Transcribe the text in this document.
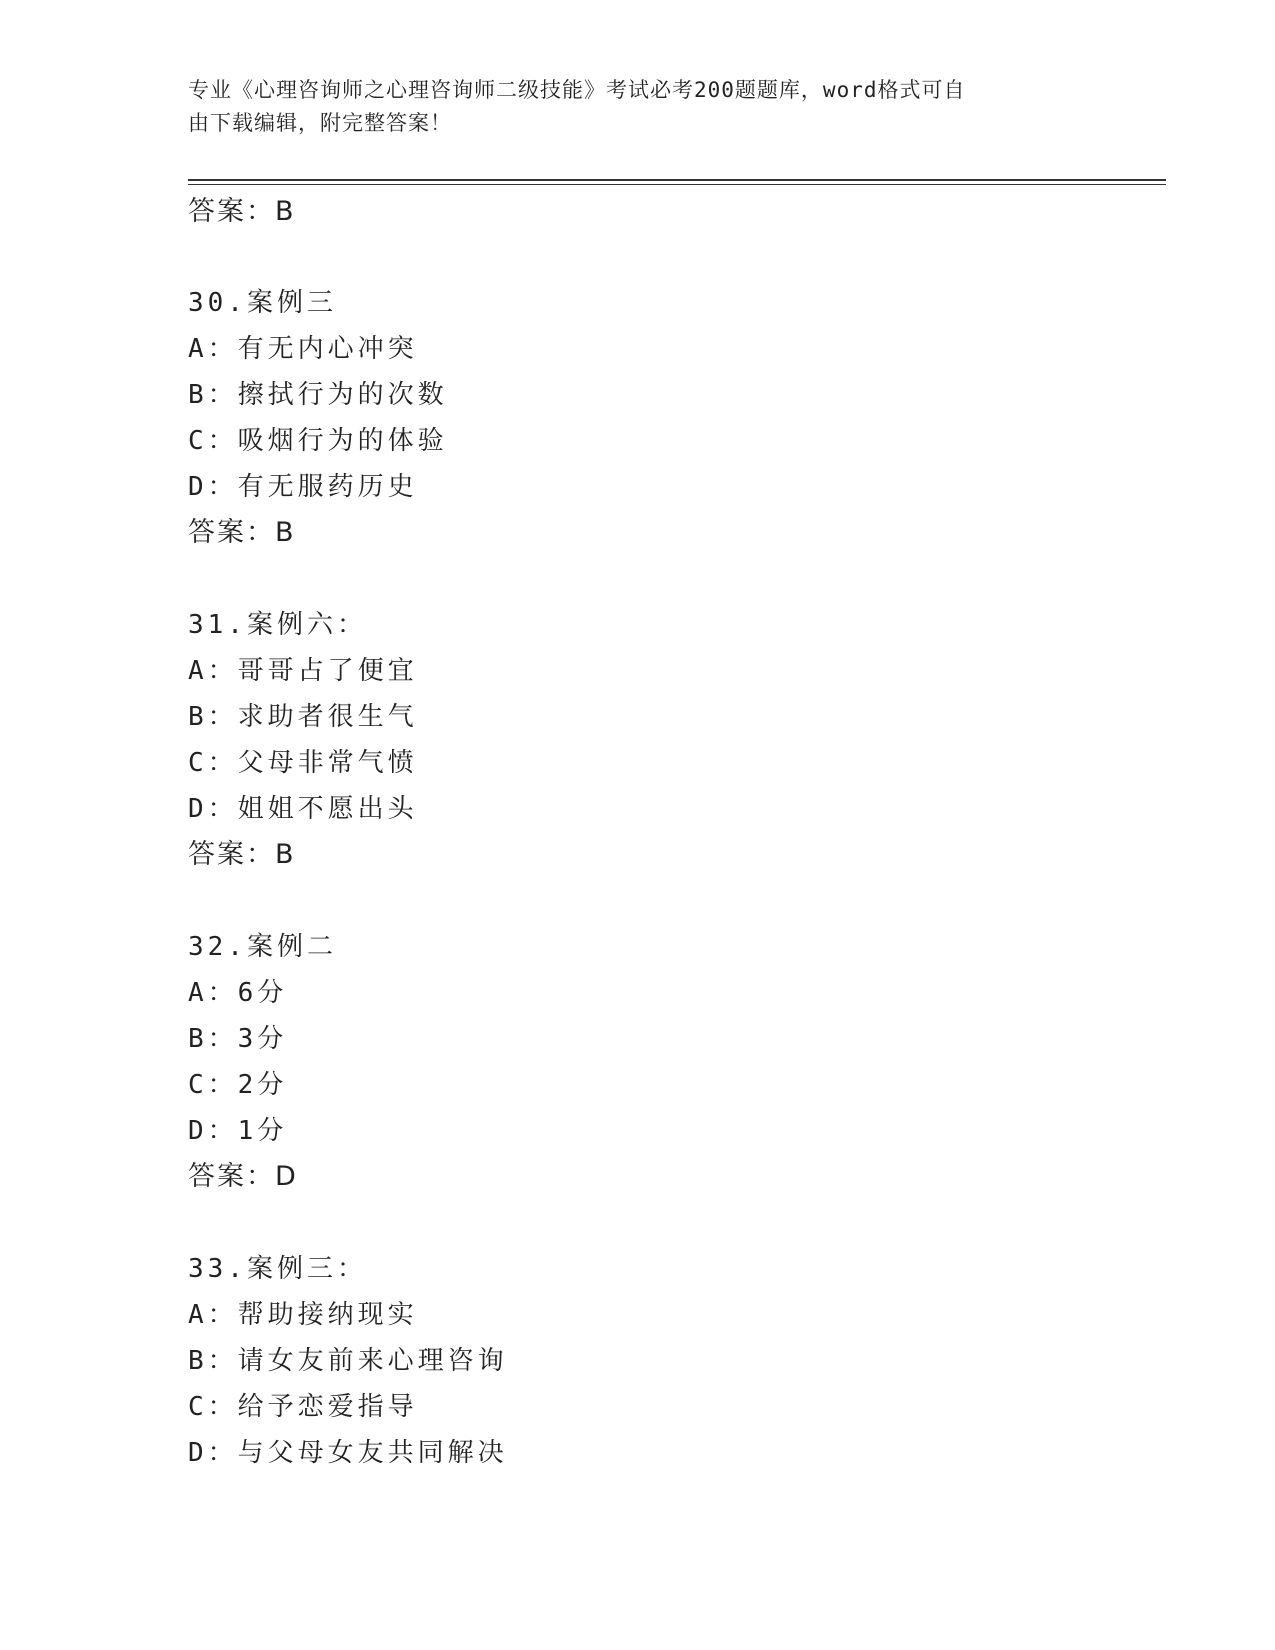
专业《心理咨询师之心理咨询师二级技能》考试必考200题题库，word格式可自
由下载编辑，附完整答案！
答案：B
30.案例三
A：有无内心冲突
B：擦拭行为的次数
C：吸烟行为的体验
D：有无服药历史
答案：B
31.案例六：
A：哥哥占了便宜
B：求助者很生气
C：父母非常气愤
D：姐姐不愿出头
答案：B
32.案例二
A：6分
B：3分
C：2分
D：1分
答案：D
33.案例三：
A：帮助接纳现实
B：请女友前来心理咨询
C：给予恋爱指导
D：与父母女友共同解决
